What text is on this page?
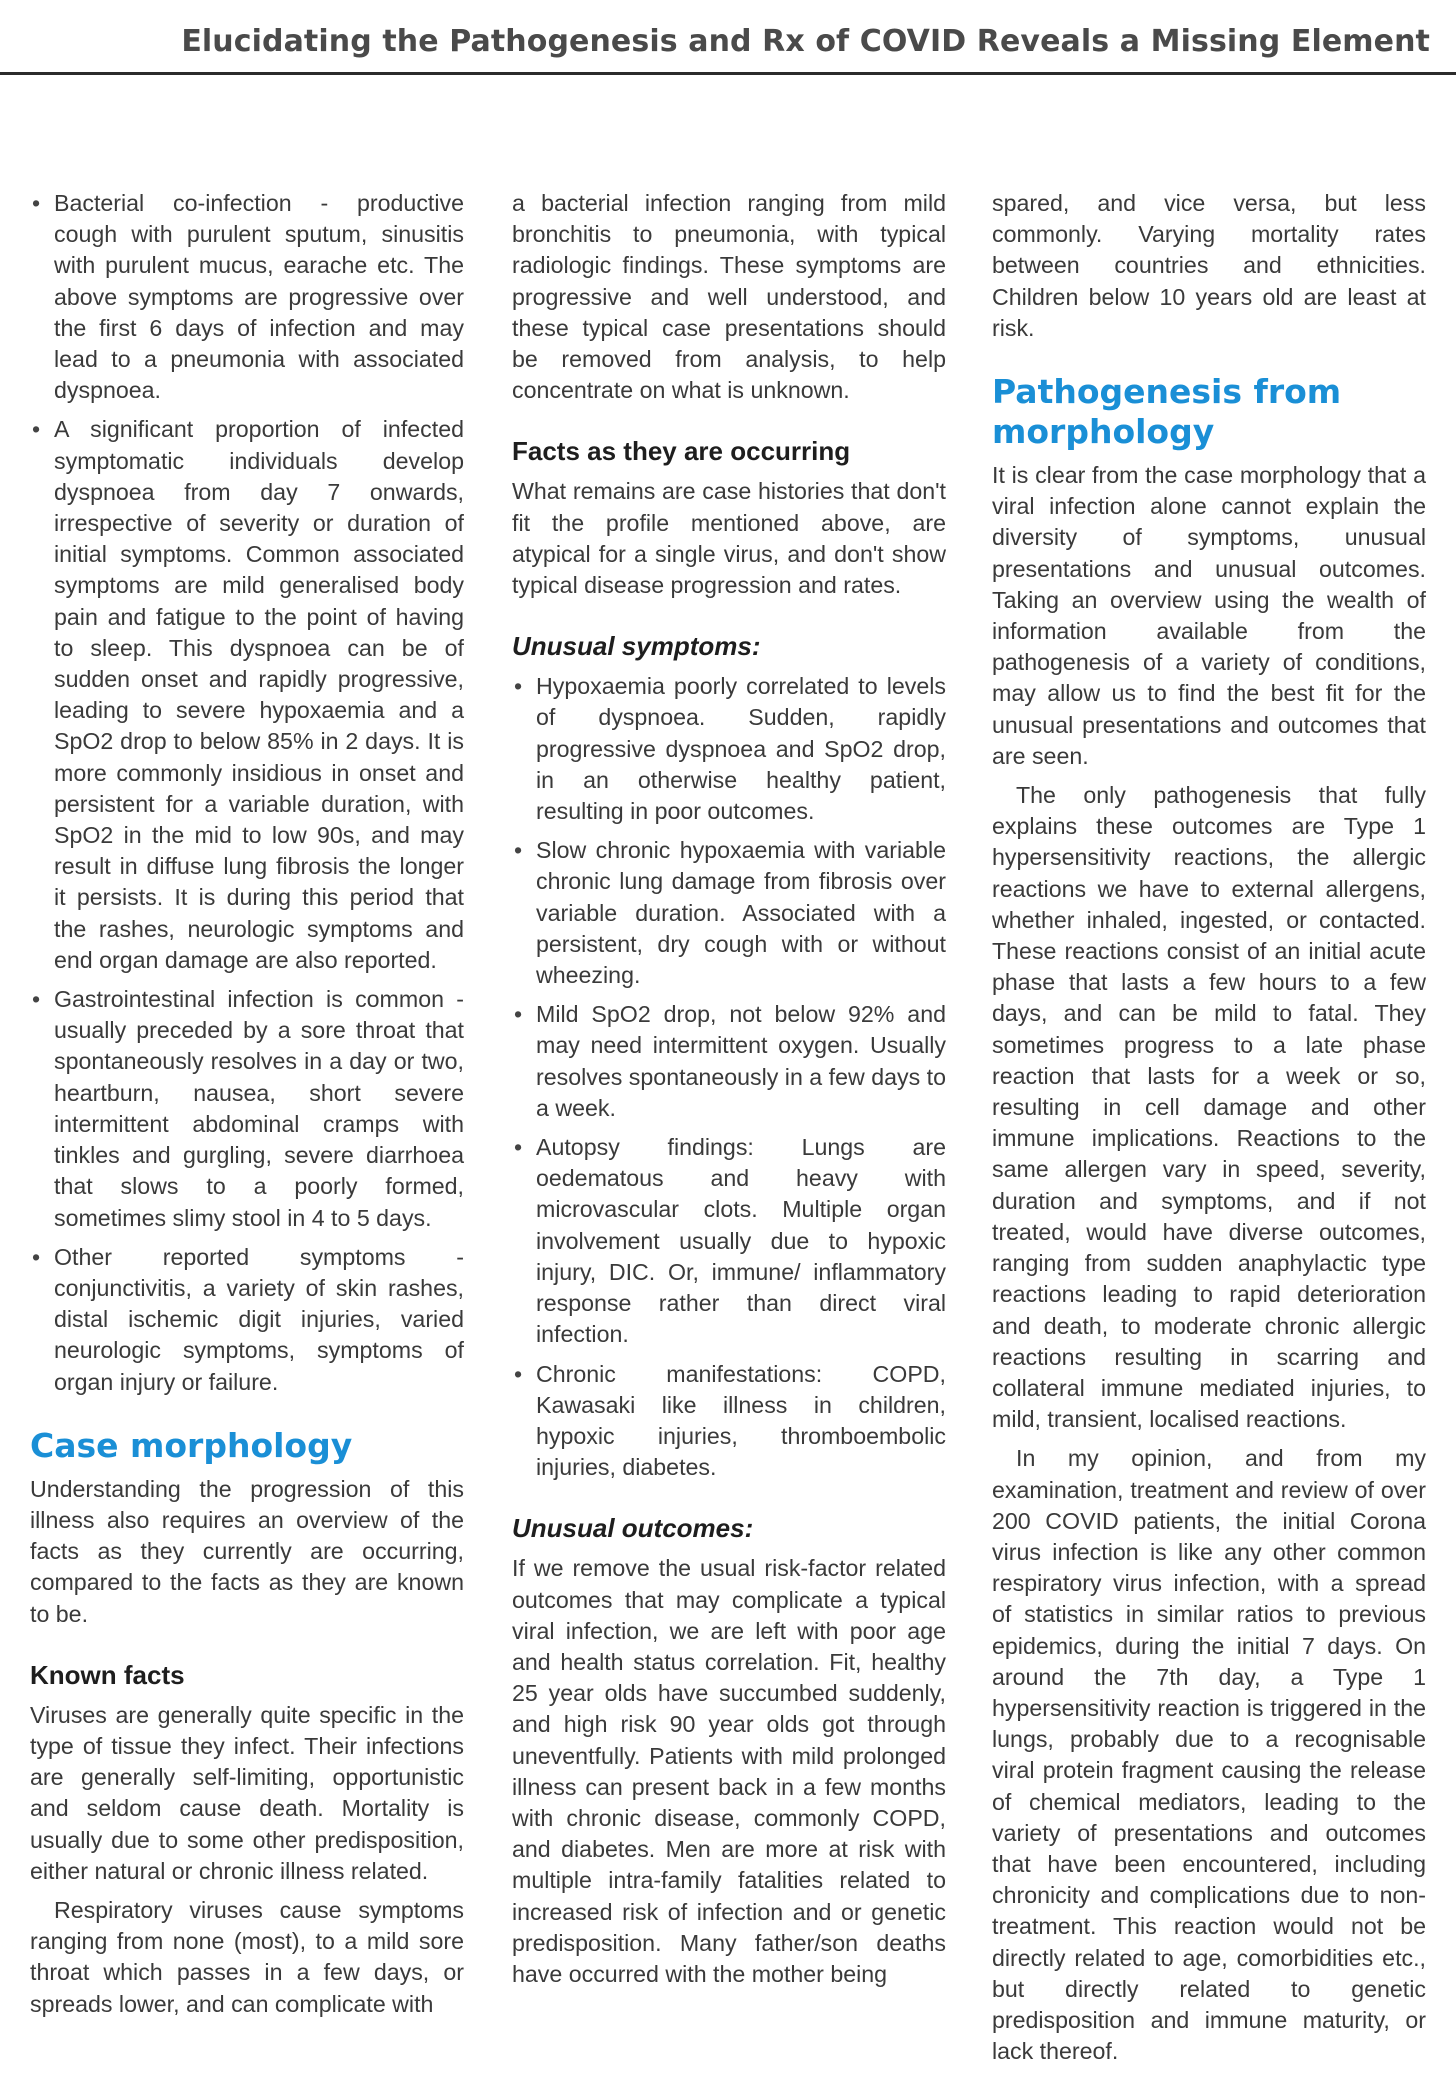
Elucidating the Pathogenesis and Rx of COVID Reveals a Missing Element
• Bacterial co-infection - productive cough with purulent sputum, sinusitis with purulent mucus, earache etc. The above symptoms are progressive over the first 6 days of infection and may lead to a pneumonia with associated dyspnoea.
• A significant proportion of infected symptomatic individuals develop dyspnoea from day 7 onwards, irrespective of severity or duration of initial symptoms. Common associated symptoms are mild generalised body pain and fatigue to the point of having to sleep. This dyspnoea can be of sudden onset and rapidly progressive, leading to severe hypoxaemia and a SpO2 drop to below 85% in 2 days. It is more commonly insidious in onset and persistent for a variable duration, with SpO2 in the mid to low 90s, and may result in diffuse lung fibrosis the longer it persists. It is during this period that the rashes, neurologic symptoms and end organ damage are also reported.
• Gastrointestinal infection is common - usually preceded by a sore throat that spontaneously resolves in a day or two, heartburn, nausea, short severe intermittent abdominal cramps with tinkles and gurgling, severe diarrhoea that slows to a poorly formed, sometimes slimy stool in 4 to 5 days.
• Other reported symptoms - conjunctivitis, a variety of skin rashes, distal ischemic digit injuries, varied neurologic symptoms, symptoms of organ injury or failure.
Case morphology

Understanding the progression of this illness also requires an overview of the facts as they currently are occurring, compared to the facts as they are known to be.

Known facts

Viruses are generally quite specific in the type of tissue they infect. Their infections are generally self-limiting, opportunistic and seldom cause death. Mortality is usually due to some other predisposition, either natural or chronic illness related.

Respiratory viruses cause symptoms ranging from none (most), to a mild sore throat which passes in a few days, or spreads lower, and can complicate with

a bacterial infection ranging from mild bronchitis to pneumonia, with typical radiologic findings. These symptoms are progressive and well understood, and these typical case presentations should be removed from analysis, to help concentrate on what is unknown.

Facts as they are occurring

What remains are case histories that don't fit the profile mentioned above, are atypical for a single virus, and don't show typical disease progression and rates.

Unusual symptoms:
• Hypoxaemia poorly correlated to levels of dyspnoea. Sudden, rapidly progressive dyspnoea and SpO2 drop, in an otherwise healthy patient, resulting in poor outcomes.
• Slow chronic hypoxaemia with variable chronic lung damage from fibrosis over variable duration. Associated with a persistent, dry cough with or without wheezing.
• Mild SpO2 drop, not below 92% and may need intermittent oxygen. Usually resolves spontaneously in a few days to a week.
• Autopsy findings: Lungs are oedematous and heavy with microvascular clots. Multiple organ involvement usually due to hypoxic injury, DIC. Or, immune/ inflammatory response rather than direct viral infection.
• Chronic manifestations: COPD, Kawasaki like illness in children, hypoxic injuries, thromboembolic injuries, diabetes.
Unusual outcomes:

If we remove the usual risk-factor related outcomes that may complicate a typical viral infection, we are left with poor age and health status correlation. Fit, healthy 25 year olds have succumbed suddenly, and high risk 90 year olds got through uneventfully. Patients with mild prolonged illness can present back in a few months with chronic disease, commonly COPD, and diabetes. Men are more at risk with multiple intra-family fatalities related to increased risk of infection and or genetic predisposition. Many father/son deaths have occurred with the mother being

spared, and vice versa, but less commonly. Varying mortality rates between countries and ethnicities. Children below 10 years old are least at risk.

Pathogenesis from morphology

It is clear from the case morphology that a viral infection alone cannot explain the diversity of symptoms, unusual presentations and unusual outcomes. Taking an overview using the wealth of information available from the pathogenesis of a variety of conditions, may allow us to find the best fit for the unusual presentations and outcomes that are seen.

The only pathogenesis that fully explains these outcomes are Type 1 hypersensitivity reactions, the allergic reactions we have to external allergens, whether inhaled, ingested, or contacted. These reactions consist of an initial acute phase that lasts a few hours to a few days, and can be mild to fatal. They sometimes progress to a late phase reaction that lasts for a week or so, resulting in cell damage and other immune implications. Reactions to the same allergen vary in speed, severity, duration and symptoms, and if not treated, would have diverse outcomes, ranging from sudden anaphylactic type reactions leading to rapid deterioration and death, to moderate chronic allergic reactions resulting in scarring and collateral immune mediated injuries, to mild, transient, localised reactions.

In my opinion, and from my examination, treatment and review of over 200 COVID patients, the initial Corona virus infection is like any other common respiratory virus infection, with a spread of statistics in similar ratios to previous epidemics, during the initial 7 days. On around the 7th day, a Type 1 hypersensitivity reaction is triggered in the lungs, probably due to a recognisable viral protein fragment causing the release of chemical mediators, leading to the variety of presentations and outcomes that have been encountered, including chronicity and complications due to non-treatment. This reaction would not be directly related to age, comorbidities etc., but directly related to genetic predisposition and immune maturity, or lack thereof.
